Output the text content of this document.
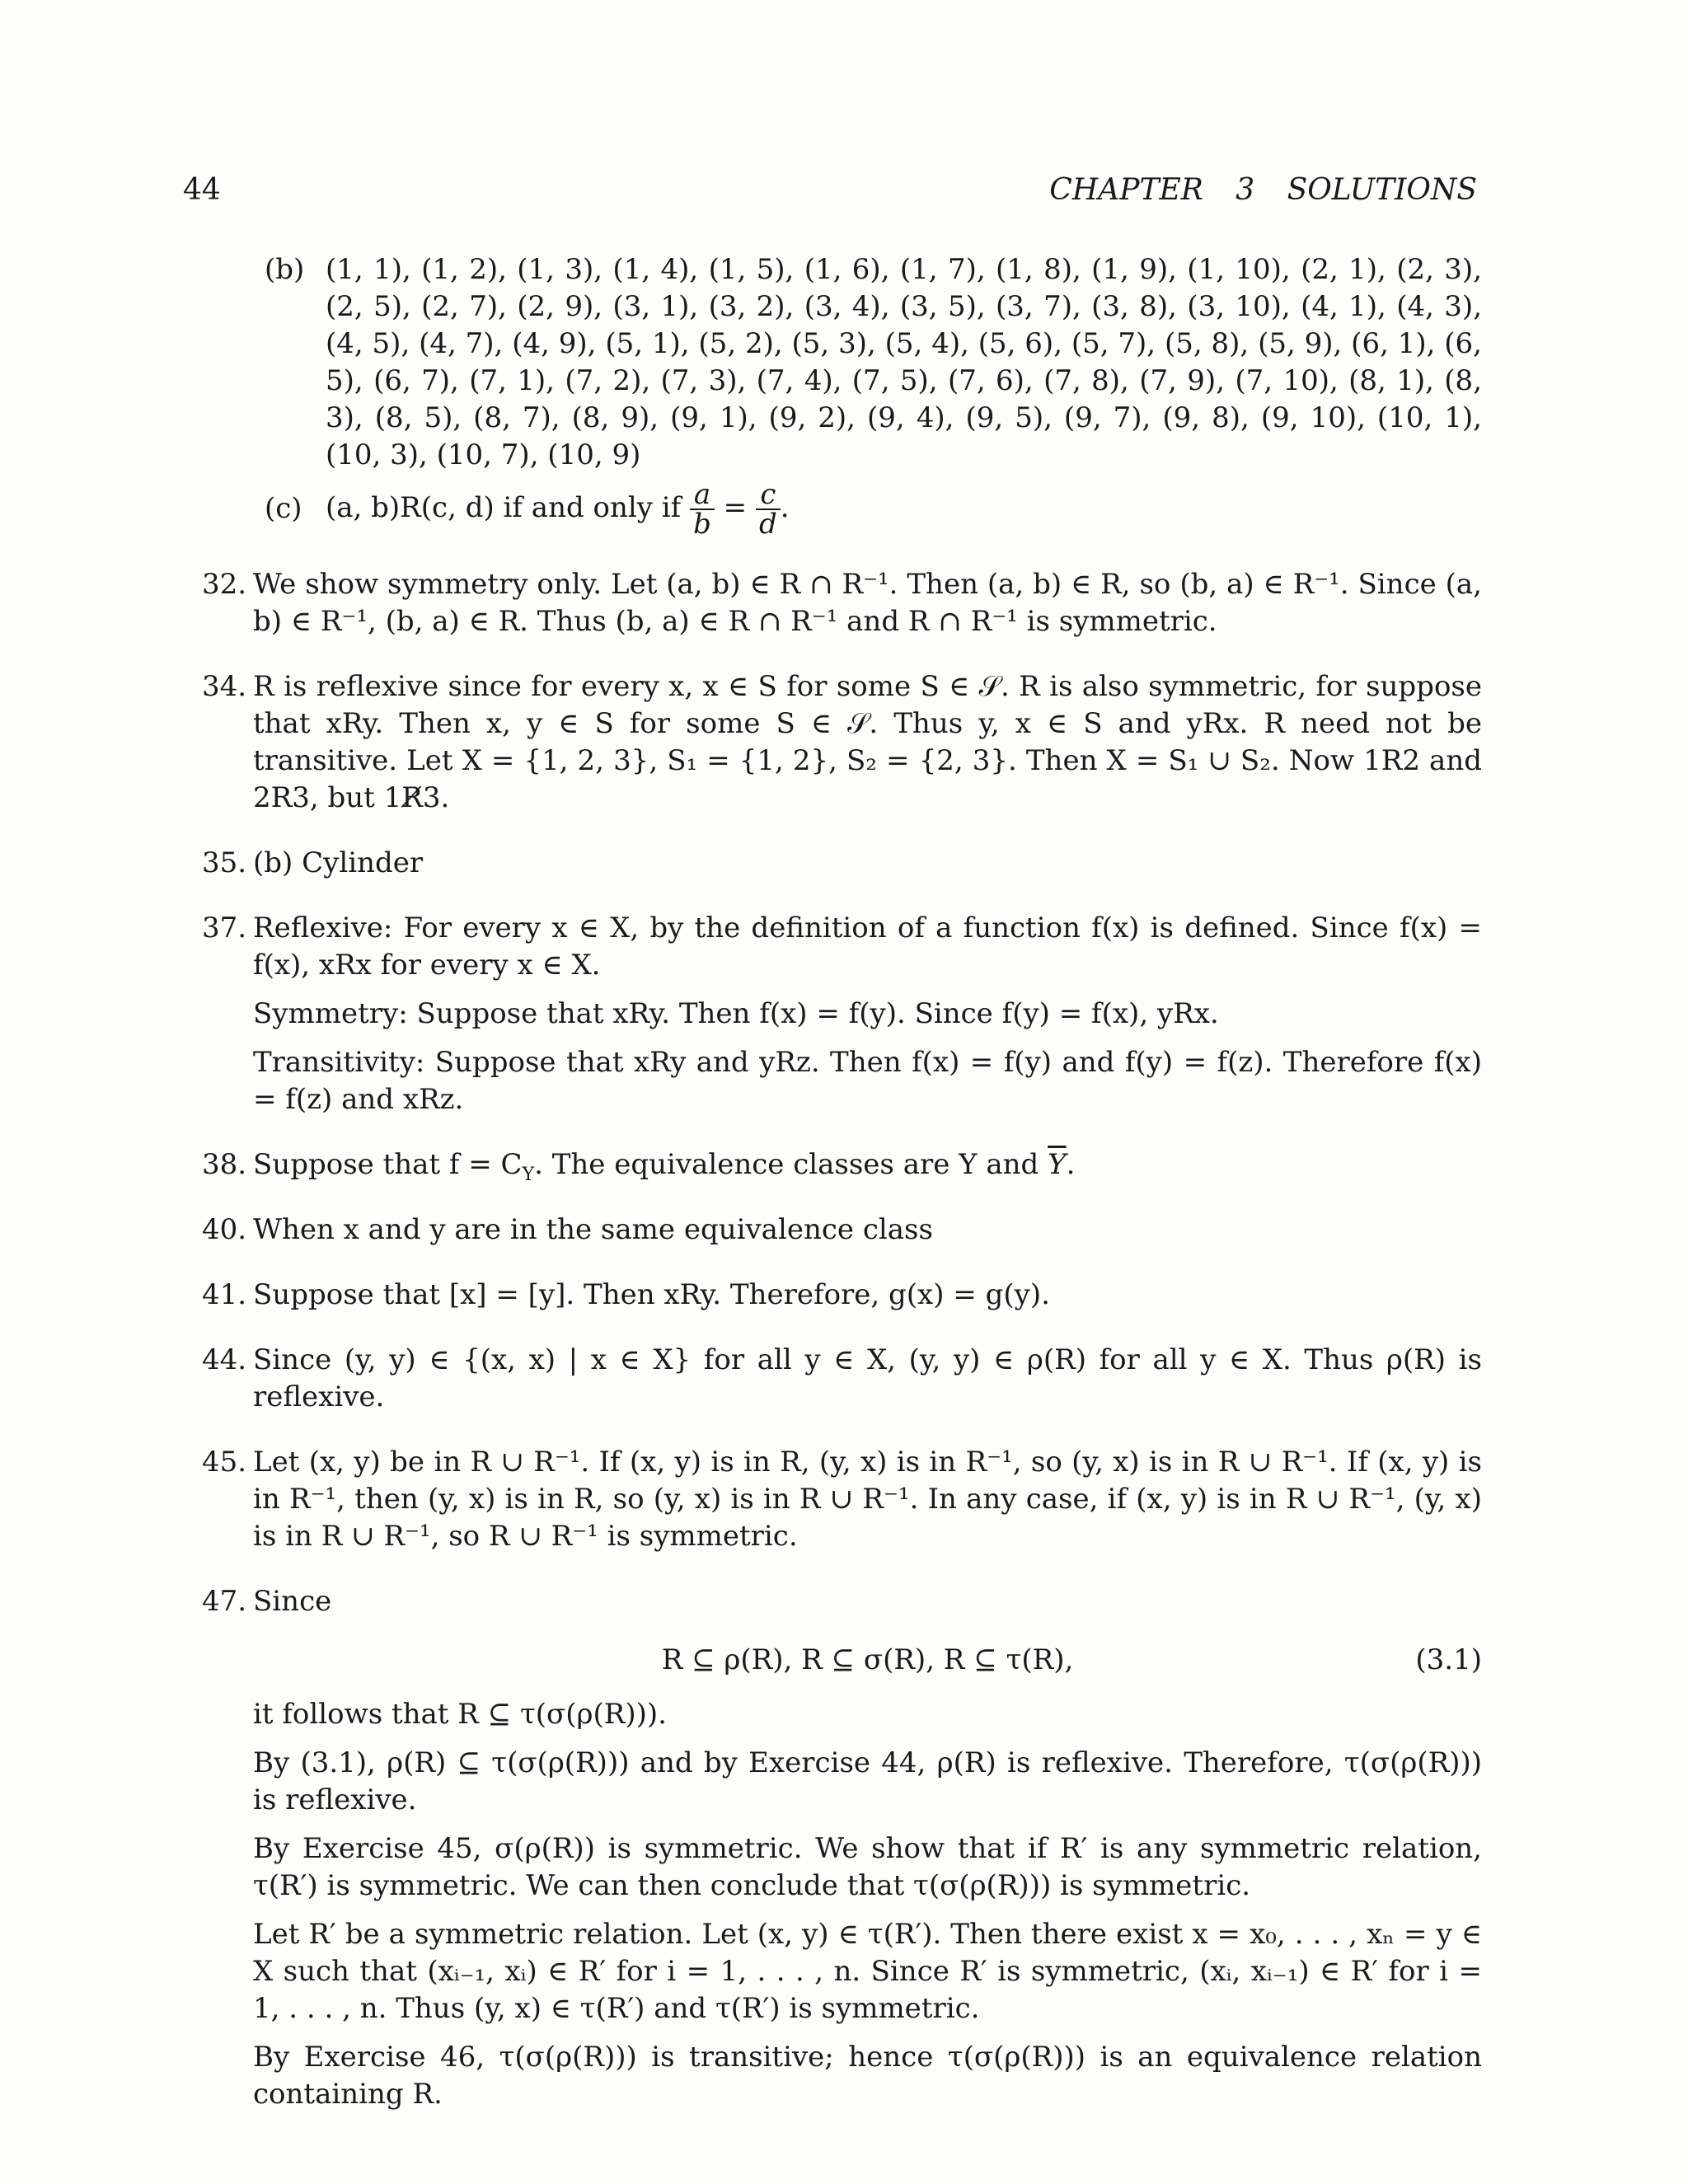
44	CHAPTER 3 SOLUTIONS
(b) (1, 1), (1, 2), (1, 3), (1, 4), (1, 5), (1, 6), (1, 7), (1, 8), (1, 9), (1, 10), (2, 1), (2, 3), (2, 5), (2, 7), (2, 9), (3, 1), (3, 2), (3, 4), (3, 5), (3, 7), (3, 8), (3, 10), (4, 1), (4, 3), (4, 5), (4, 7), (4, 9), (5, 1), (5, 2), (5, 3), (5, 4), (5, 6), (5, 7), (5, 8), (5, 9), (6, 1), (6, 5), (6, 7), (7, 1), (7, 2), (7, 3), (7, 4), (7, 5), (7, 6), (7, 8), (7, 9), (7, 10), (8, 1), (8, 3), (8, 5), (8, 7), (8, 9), (9, 1), (9, 2), (9, 4), (9, 5), (9, 7), (9, 8), (9, 10), (10, 1), (10, 3), (10, 7), (10, 9)
(c) (a, b)R(c, d) if and only if $\frac{a}{b} = \frac{c}{d}$ .
32. We show symmetry only. Let (a, b) ∈ R ∩ R⁻¹. Then (a, b) ∈ R, so (b, a) ∈ R⁻¹. Since (a, b) ∈ R⁻¹, (b, a) ∈ R. Thus (b, a) ∈ R ∩ R⁻¹ and R ∩ R⁻¹ is symmetric.

34. R is reflexive since for every x, x ∈ S for some S ∈ 𝒮. R is also symmetric, for suppose that xRy. Then x, y ∈ S for some S ∈ 𝒮. Thus y, x ∈ S and yRx. R need not be transitive. Let X = {1, 2, 3}, S₁ = {1, 2}, S₂ = {2, 3}. Then X = S₁ ∪ S₂. Now 1R2 and 2R3, but 1R̸3.

35. (b) Cylinder

37. Reflexive: For every x ∈ X, by the definition of a function f(x) is defined. Since f(x) = f(x), xRx for every x ∈ X.

Symmetry: Suppose that xRy. Then f(x) = f(y). Since f(y) = f(x), yRx.

Transitivity: Suppose that xRy and yRz. Then f(x) = f(y) and f(y) = f(z). Therefore f(x) = f(z) and xRz.

38. Suppose that $f = C_Y$. The equivalence classes are Y and $\overline{Y}$.

40. When x and y are in the same equivalence class

41. Suppose that [x] = [y]. Then xRy. Therefore, g(x) = g(y).

44. Since (y, y) ∈ {(x, x) | x ∈ X} for all y ∈ X, (y, y) ∈ ρ(R) for all y ∈ X. Thus ρ(R) is reflexive.

45. Let (x, y) be in R ∪ R⁻¹. If (x, y) is in R, (y, x) is in R⁻¹, so (y, x) is in R ∪ R⁻¹. If (x, y) is in R⁻¹, then (y, x) is in R, so (y, x) is in R ∪ R⁻¹. In any case, if (x, y) is in R ∪ R⁻¹, (y, x) is in R ∪ R⁻¹, so R ∪ R⁻¹ is symmetric.

47. Since

R ⊆ ρ(R), R ⊆ σ(R), R ⊆ τ(R),	(3.1)

it follows that R ⊆ τ(σ(ρ(R))).

By (3.1), ρ(R) ⊆ τ(σ(ρ(R))) and by Exercise 44, ρ(R) is reflexive. Therefore, τ(σ(ρ(R))) is reflexive.

By Exercise 45, σ(ρ(R)) is symmetric. We show that if R′ is any symmetric relation, τ(R′) is symmetric. We can then conclude that τ(σ(ρ(R))) is symmetric.

Let R′ be a symmetric relation. Let (x, y) ∈ τ(R′). Then there exist x = x₀, . . . , xₙ = y ∈ X such that (xᵢ₋₁, xᵢ) ∈ R′ for i = 1, . . . , n. Since R′ is symmetric, (xᵢ, xᵢ₋₁) ∈ R′ for i = 1, . . . , n. Thus (y, x) ∈ τ(R′) and τ(R′) is symmetric.

By Exercise 46, τ(σ(ρ(R))) is transitive; hence τ(σ(ρ(R))) is an equivalence relation containing R.
